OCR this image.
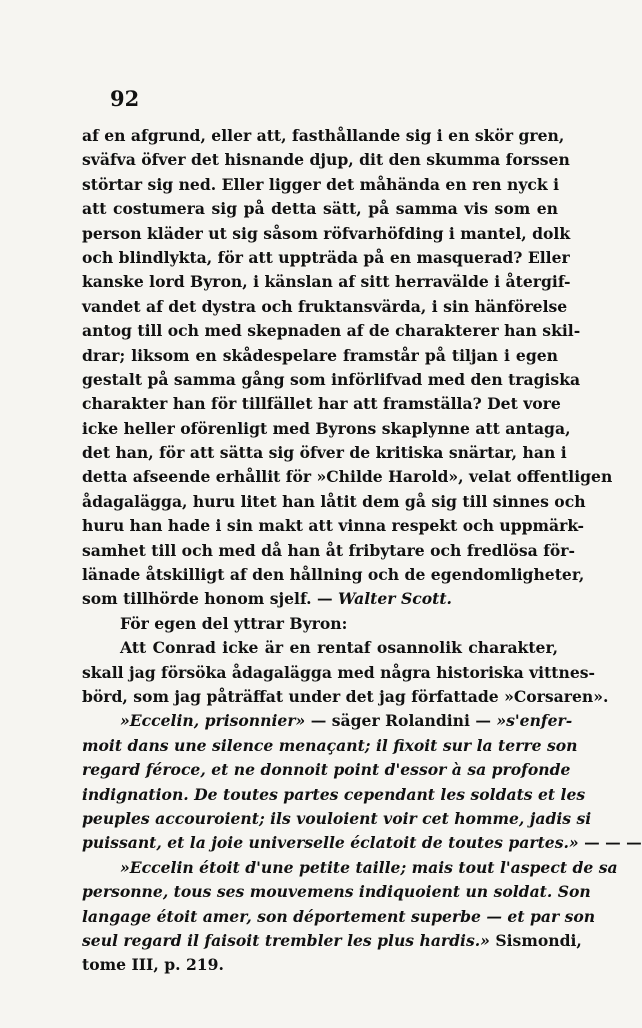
92
af en afgrund, eller att, fasthållande sig i en skör gren,
sväfva öfver det hisnande djup, dit den skumma forssen
störtar sig ned. Eller ligger det måhända en ren nyck i
att costumera sig på detta sätt, på samma vis som en
person kläder ut sig såsom röfvarhöfding i mantel, dolk
och blindlykta, för att uppträda på en masquerad? Eller
kanske lord Byron, i känslan af sitt herravälde i återgif-
vandet af det dystra och fruktansvärda, i sin hänförelse
antog till och med skepnaden af de charakterer han skil-
drar; liksom en skådespelare framstår på tiljan i egen
gestalt på samma gång som införlifvad med den tragiska
charakter han för tillfället har att framställa? Det vore
icke heller oförenligt med Byrons skaplynne att antaga,
det han, för att sätta sig öfver de kritiska snärtar, han i
detta afseende erhållit för »Childe Harold», velat offentligen
ådagalägga, huru litet han låtit dem gå sig till sinnes och
huru han hade i sin makt att vinna respekt och uppmärk-
samhet till och med då han åt fribytare och fredlösa för-
länade åtskilligt af den hållning och de egendomligheter,
som tillhörde honom sjelf. — Walter Scott.
För egen del yttrar Byron:
Att Conrad icke är en rentaf osannolik charakter,
skall jag försöka ådagalägga med några historiska vittnes-
börd, som jag påträffat under det jag författade »Corsaren».
»Eccelin, prisonnier» — säger Rolandini — »s'enfer-
moit dans une silence menaçant; il fixoit sur la terre son
regard féroce, et ne donnoit point d'essor à sa profonde
indignation. De toutes partes cependant les soldats et les
peuples accouroient; ils vouloient voir cet homme, jadis si
puissant, et la joie universelle éclatoit de toutes partes.» — — —
»Eccelin étoit d'une petite taille; mais tout l'aspect de sa
personne, tous ses mouvemens indiquoient un soldat. Son
langage étoit amer, son déportement superbe — et par son
seul regard il faisoit trembler les plus hardis.» Sismondi,
tome III, p. 219.
